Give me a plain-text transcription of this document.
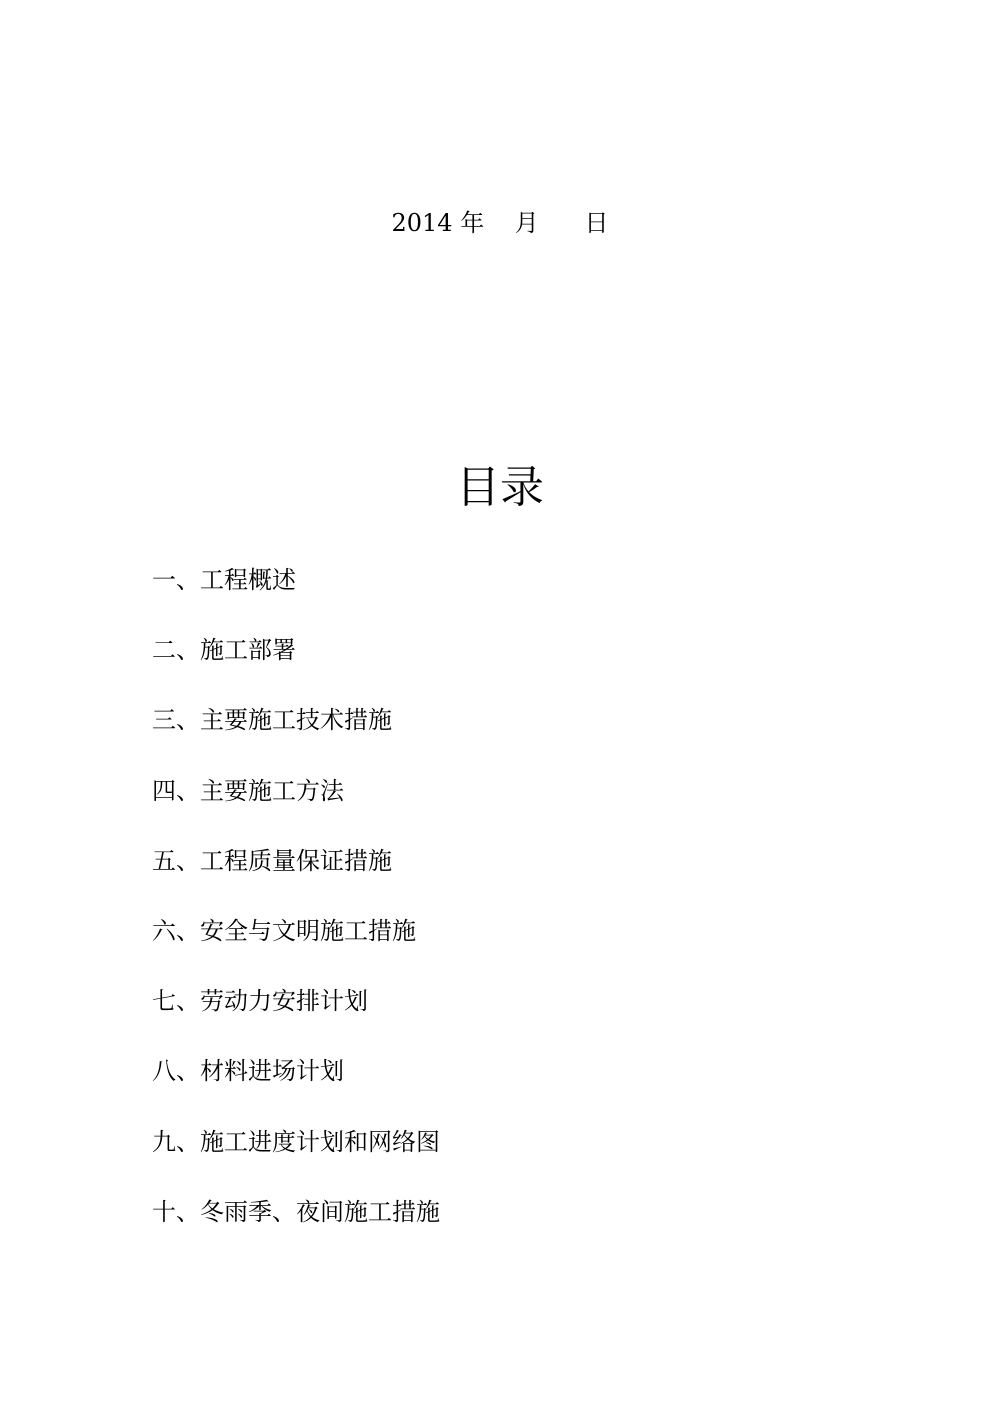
2014 年    月      日
目录
一、工程概述
二、施工部署
三、主要施工技术措施
四、主要施工方法
五、工程质量保证措施
六、安全与文明施工措施
七、劳动力安排计划
八、材料进场计划
九、施工进度计划和网络图
十、冬雨季、夜间施工措施
